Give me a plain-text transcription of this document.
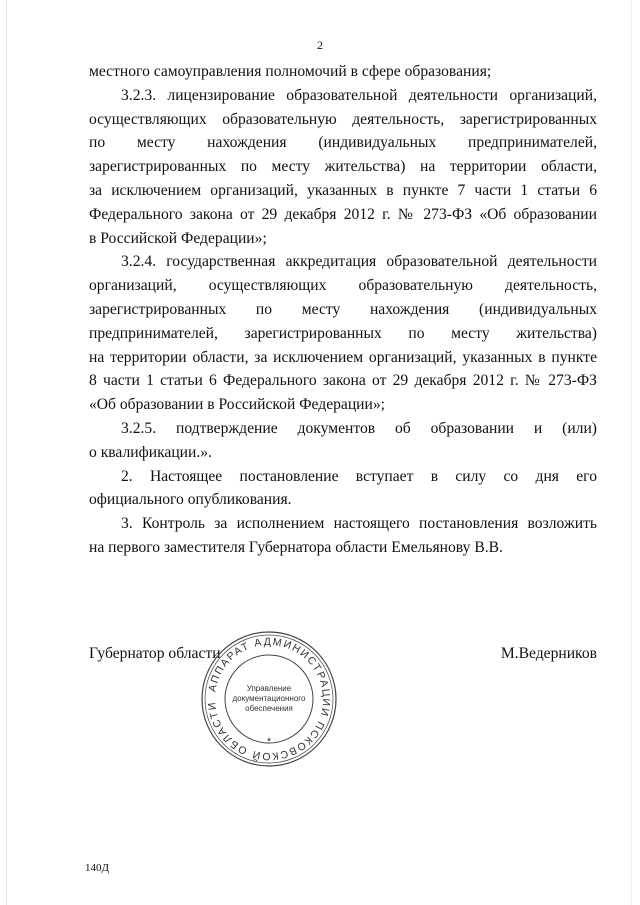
2
местного самоуправления полномочий в сфере образования;
3.2.3. лицензирование образовательной деятельности организаций,
осуществляющих образовательную деятельность, зарегистрированных
по месту нахождения (индивидуальных предпринимателей,
зарегистрированных по месту жительства) на территории области,
за исключением организаций, указанных в пункте 7 части 1 статьи 6
Федерального закона от 29 декабря 2012 г. № 273-ФЗ «Об образовании
в Российской Федерации»;
3.2.4. государственная аккредитация образовательной деятельности
организаций, осуществляющих образовательную деятельность,
зарегистрированных по месту нахождения (индивидуальных
предпринимателей, зарегистрированных по месту жительства)
на территории области, за исключением организаций, указанных в пункте
8 части 1 статьи 6 Федерального закона от 29 декабря 2012 г. № 273-ФЗ
«Об образовании в Российской Федерации»;
3.2.5. подтверждение документов об образовании и (или)
о квалификации.».
2. Настоящее постановление вступает в силу со дня его
официального опубликования.
3. Контроль за исполнением настоящего постановления возложить
на первого заместителя Губернатора области Емельянову В.В.
Губернатор области	М.Ведерников
АППАРАТ АДМИНИСТРАЦИИ ПСКОВСКОЙ ОБЛАСТИ
Управление документационного обеспечения
*
140Д
